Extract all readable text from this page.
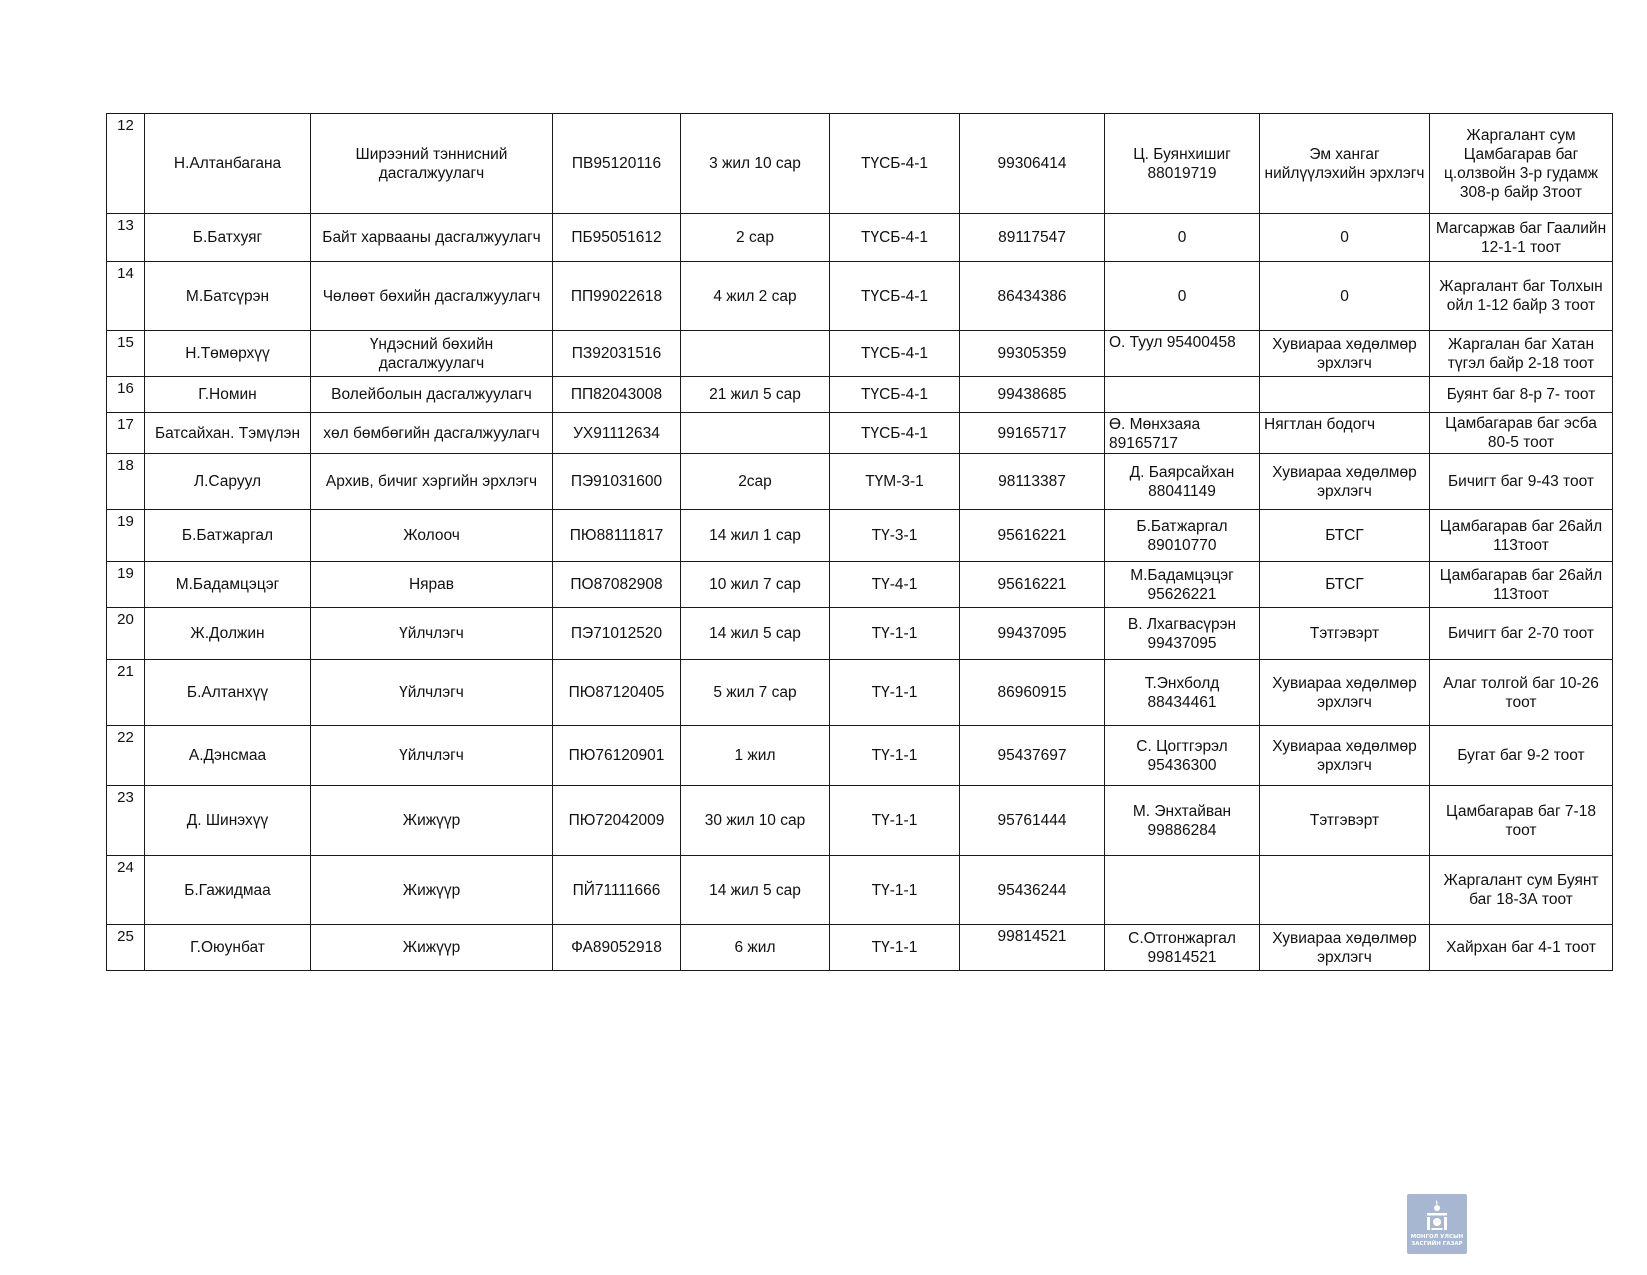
12	Н.Алтанбагана	Ширээний тэннисний дасгалжуулагч	ПВ95120116	3 жил 10 сар	ТҮСБ-4-1	99306414	Ц. Буянхишиг 88019719	Эм хангаг нийлүүлэхийн эрхлэгч	Жаргалант сум Цамбагарав баг ц.олзвойн 3-р гудамж 308-р байр 3тоот
13	Б.Батхуяг	Байт харвааны дасгалжуулагч	ПБ95051612	2 сар	ТҮСБ-4-1	89117547	0	0	Магсаржав баг Гаалийн 12-1-1 тоот
14	М.Батсүрэн	Чөлөөт бөхийн дасгалжуулагч	ПП99022618	4 жил 2 сар	ТҮСБ-4-1	86434386	0	0	Жаргалант баг Толхын ойл 1-12 байр 3 тоот
15	Н.Төмөрхүү	Үндэсний бөхийн дасгалжуулагч	ПЗ92031516		ТҮСБ-4-1	99305359	О. Туул 95400458	Хувиараа хөдөлмөр эрхлэгч	Жаргалан баг Хатан түгэл байр 2-18 тоот
16	Г.Номин	Волейболын дасгалжуулагч	ПП82043008	21 жил 5 сар	ТҮСБ-4-1	99438685			Буянт баг 8-р 7- тоот
17	Батсайхан. Тэмүлэн	хөл бөмбөгийн дасгалжуулагч	УХ91112634		ТҮСБ-4-1	99165717	Ө. Мөнхзаяа 89165717	Нягтлан бодогч	Цамбагарав баг эсба 80-5 тоот
18	Л.Саруул	Архив, бичиг хэргийн эрхлэгч	ПЭ91031600	2сар	ТҮМ-3-1	98113387	Д. Баярсайхан 88041149	Хувиараа хөдөлмөр эрхлэгч	Бичигт баг 9-43 тоот
19	Б.Батжаргал	Жолооч	ПЮ88111817	14 жил 1 сар	ТҮ-3-1	95616221	Б.Батжаргал 89010770	БТСГ	Цамбагарав баг 26айл 113тоот
19	М.Бадамцэцэг	Нярав	ПО87082908	10 жил 7 сар	ТҮ-4-1	95616221	М.Бадамцэцэг 95626221	БТСГ	Цамбагарав баг 26айл 113тоот
20	Ж.Должин	Үйлчлэгч	ПЭ71012520	14 жил 5 сар	ТҮ-1-1	99437095	В. Лхагвасүрэн 99437095	Тэтгэвэрт	Бичигт баг 2-70 тоот
21	Б.Алтанхүү	Үйлчлэгч	ПЮ87120405	5 жил 7 сар	ТҮ-1-1	86960915	Т.Энхболд 88434461	Хувиараа хөдөлмөр эрхлэгч	Алаг толгой баг 10-26 тоот
22	А.Дэнсмаа	Үйлчлэгч	ПЮ76120901	1 жил	ТҮ-1-1	95437697	С. Цогтгэрэл 95436300	Хувиараа хөдөлмөр эрхлэгч	Бугат баг 9-2 тоот
23	Д. Шинэхүү	Жижүүр	ПЮ72042009	30 жил 10 сар	ТҮ-1-1	95761444	М. Энхтайван 99886284	Тэтгэвэрт	Цамбагарав баг 7-18 тоот
24	Б.Гажидмаа	Жижүүр	ПЙ71111666	14 жил 5 сар	ТҮ-1-1	95436244			Жаргалант сум Буянт баг 18-3А тоот
25	Г.Оюунбат	Жижүүр	ФА89052918	6 жил	ТҮ-1-1	99814521	С.Отгонжаргал 99814521	Хувиараа хөдөлмөр эрхлэгч	Хайрхан баг 4-1 тоот
МОНГОЛ УЛСЫН
ЗАСГИЙН ГАЗАР
